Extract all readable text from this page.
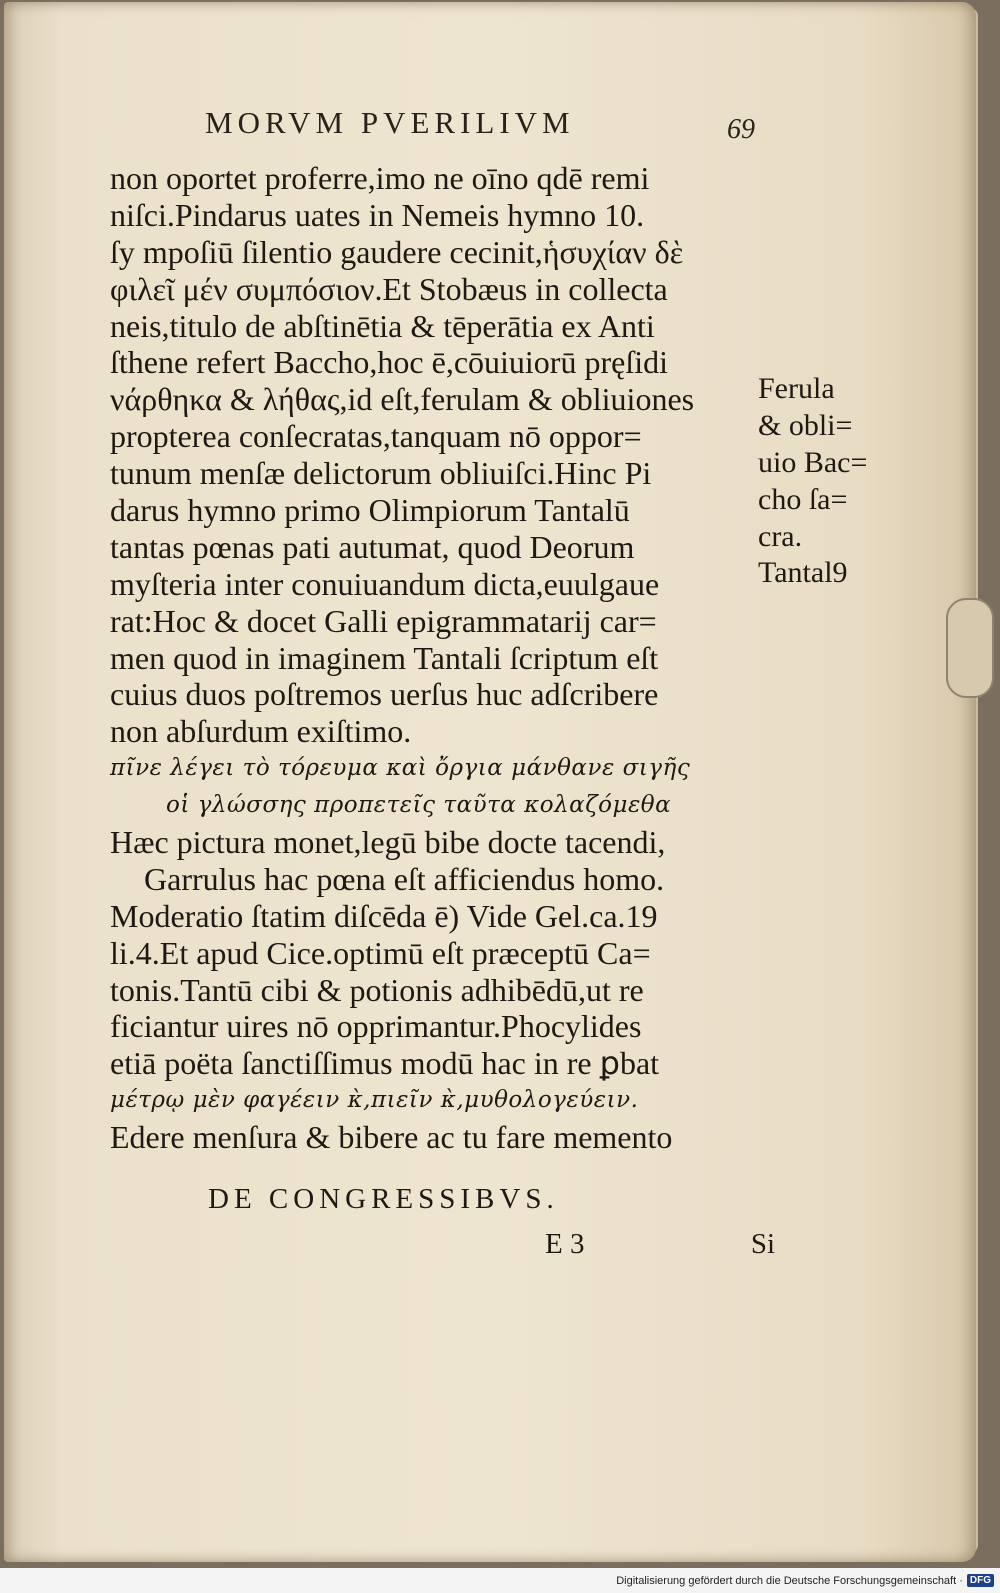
MORVM PVERILIVM	69
non oportet proferre,imo ne oīno qdē remi
niſci.Pindarus uates in Nemeis hymno 10.
ſy mpoſiū ſilentio gaudere cecinit,ἡσυχίαν δὲ
φιλεῖ μέν συμπόσιον.Et Stobæus in collecta
neis,titulo de abſtinētia & tēperātia ex Anti
ſthene refert Baccho,hoc ē,cōuiuiorū pręſidi
νάρθηκα & λήθας,id eſt,ferulam & obliuiones
propterea conſecratas,tanquam nō oppor=
tunum menſæ delictorum obliuiſci.Hinc Pi
darus hymno primo Olimpiorum Tantalū
tantas pœnas pati autumat, quod Deorum
myſteria inter conuiuandum dicta,euulgaue
rat:Hoc & docet Galli epigrammatarij car=
men quod in imaginem Tantali ſcriptum eſt
cuius duos poſtremos uerſus huc adſcribere
non abſurdum exiſtimo.
πῖνε λέγει τὸ τόρευμα καὶ ὄργια μάνθανε σιγῆς
οἱ γλώσσης προπετεῖς ταῦτα κολαζόμεθα
Hæc pictura monet,legū bibe docte tacendi,
Garrulus hac pœna eſt afficiendus homo.
Moderatio ſtatim diſcēda ē) Vide Gel.ca.19
li.4.Et apud Cice.optimū eſt præceptū Ca=
tonis.Tantū cibi & potionis adhibēdū,ut re
ficiantur uires nō opprimantur.Phocylides
etiā poëta ſanctiſſimus modū hac in re ꝑbat
μέτρῳ μὲν φαγέειν κ̀,πιεῖν κ̀,μυθολογεύειν.
Edere menſura & bibere ac tu fare memento
Ferula
& obli=
uio Bac=
cho ſa=
cra.
Tantal9
DE CONGRESSIBVS.
E 3	Si
Digitalisierung gefördert durch die Deutsche Forschungsgemeinschaft · DFG
